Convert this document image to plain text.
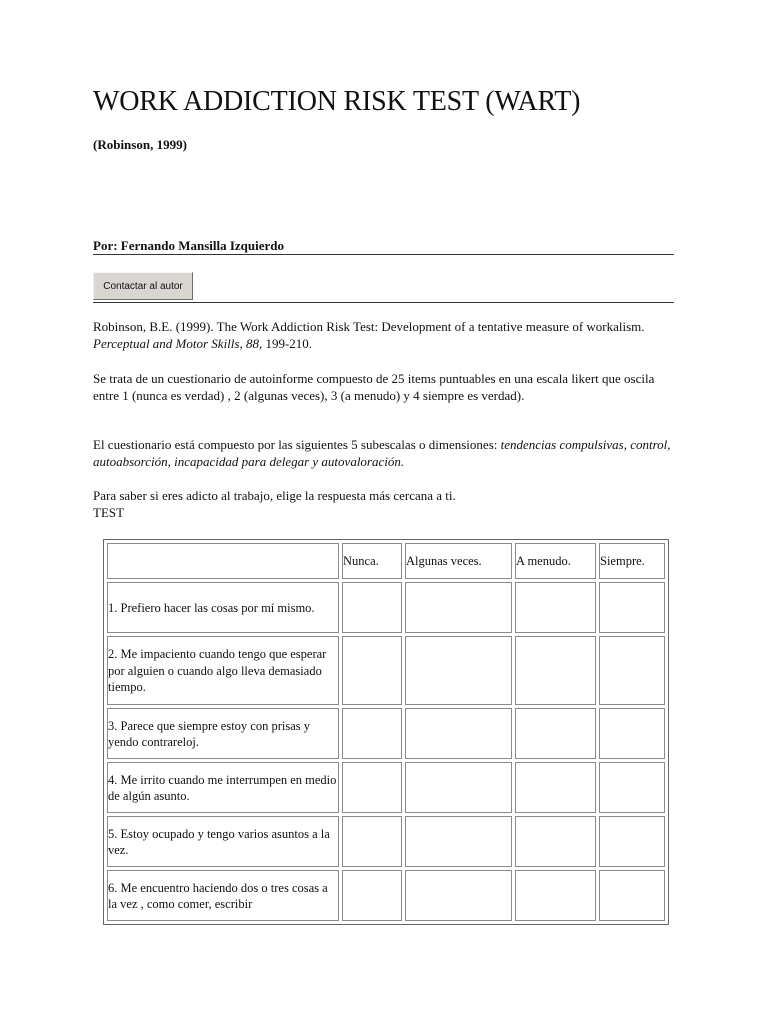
WORK ADDICTION RISK TEST (WART)
(Robinson, 1999)
Por: Fernando Mansilla Izquierdo
Contactar al autor

Robinson, B.E. (1999). The Work Addiction Risk Test: Development of a tentative measure of workalism. Perceptual and Motor Skills, 88, 199-210.

Se trata de un cuestionario de autoinforme compuesto de 25 items puntuables en una escala likert que oscila entre 1 (nunca es verdad) , 2 (algunas veces), 3 (a menudo) y 4 siempre es verdad).

El cuestionario está compuesto por las siguientes 5 subescalas o dimensiones: tendencias compulsivas, control, autoabsorción, incapacidad para delegar y autovaloración.

Para saber si eres adicto al trabajo, elige la respuesta más cercana a ti.

TEST

	Nunca.	Algunas veces.	A menudo.	Siempre.

1. Prefiero hacer las cosas por mí mismo.				

2. Me impaciento cuando tengo que esperar por alguien o cuando algo lleva demasiado tiempo.				

3. Parece que siempre estoy con prisas y yendo contrareloj.				

4. Me irrito cuando me interrumpen en medio de algún asunto.				

5. Estoy ocupado y tengo varios asuntos a la vez.				

6. Me encuentro haciendo dos o tres cosas a la vez , como comer, escribir				
